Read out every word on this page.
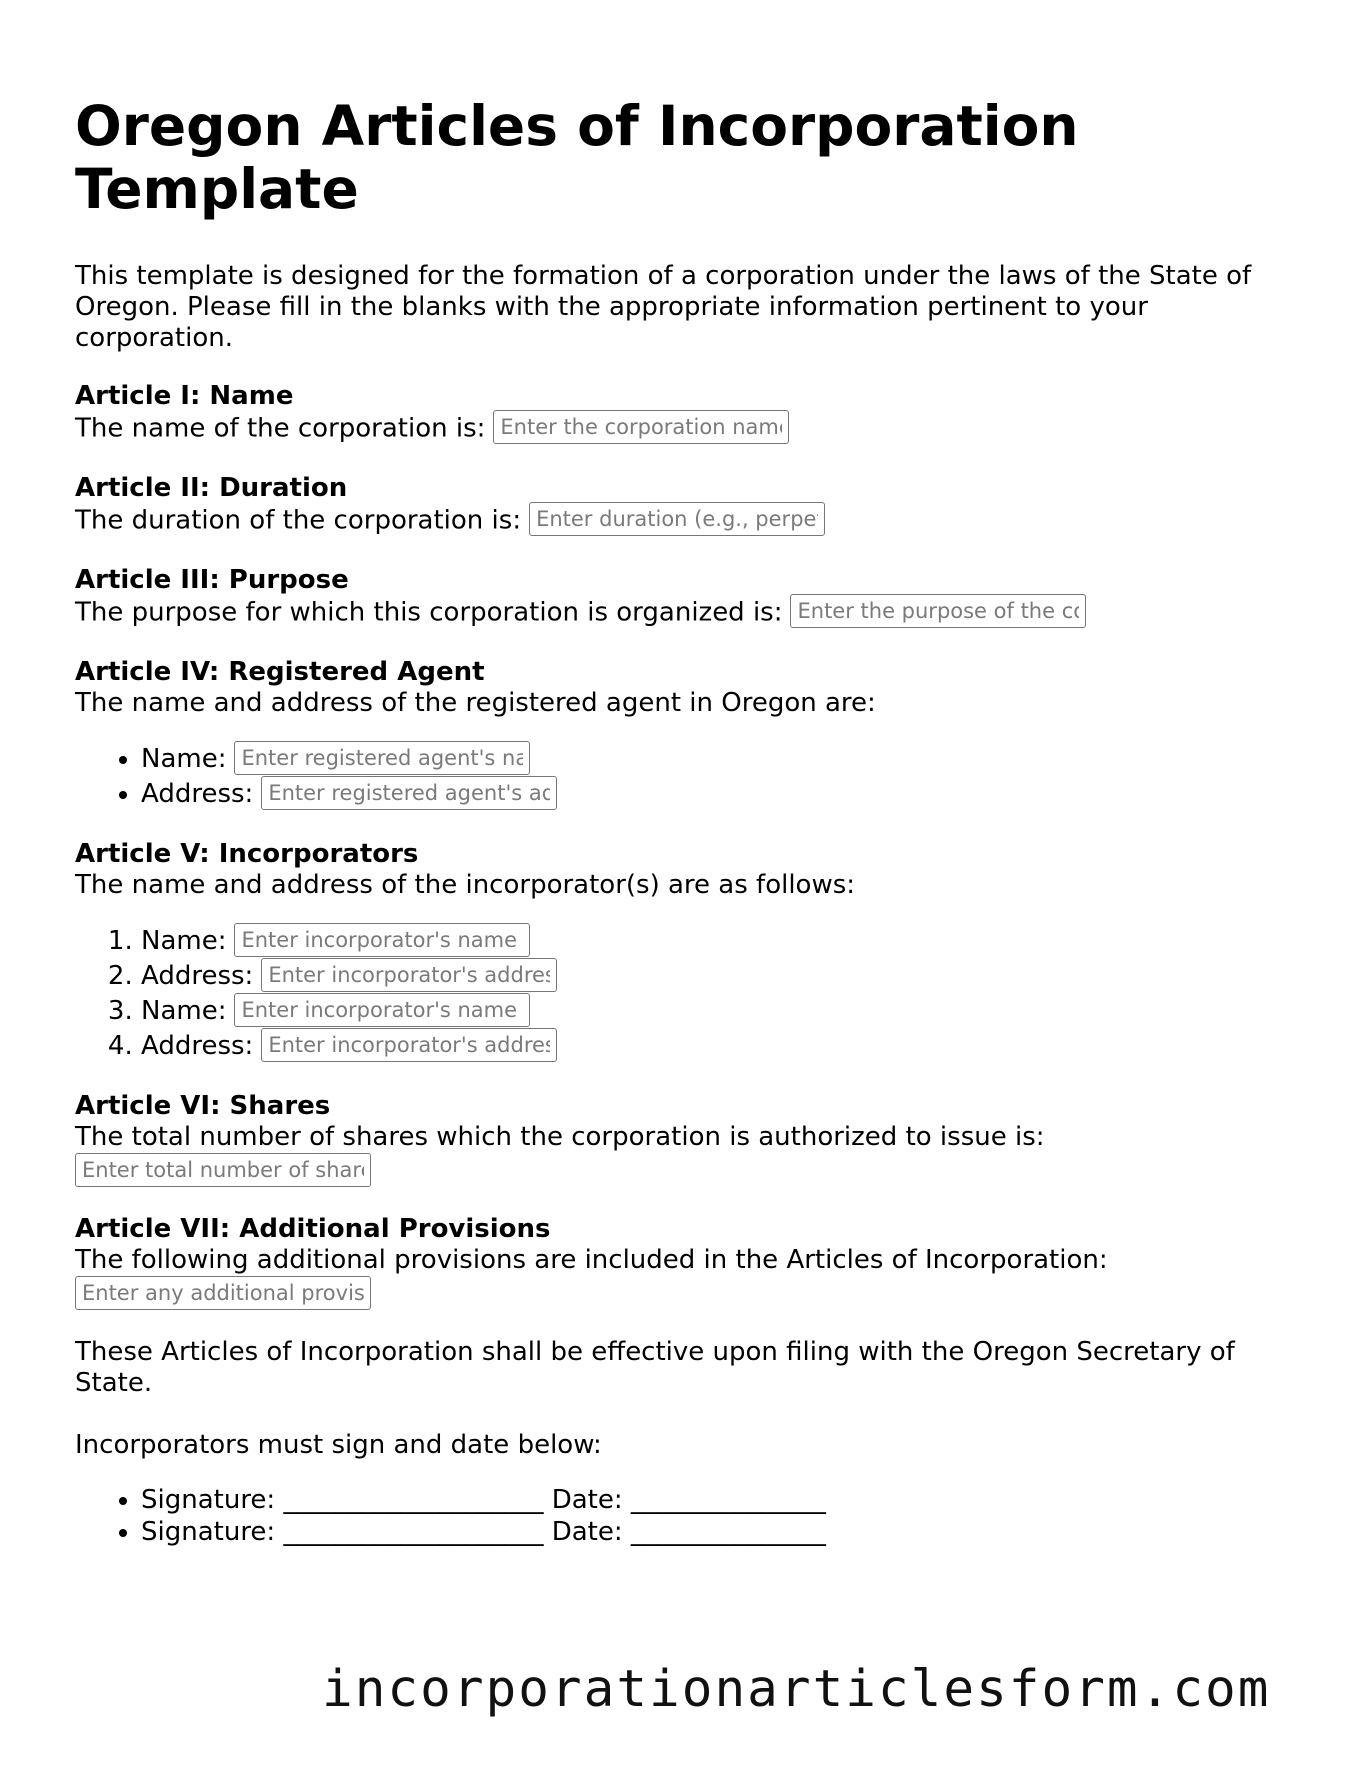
Oregon Articles of Incorporation Template

This template is designed for the formation of a corporation under the laws of the State of Oregon. Please fill in the blanks with the appropriate information pertinent to your corporation.

Article I: Name

The name of the corporation is:Enter the corporation name

Article II: Duration

The duration of the corporation is:Enter duration (e.g., perpetual)

Article III: Purpose

The purpose for which this corporation is organized is:Enter the purpose of the corporation

Article IV: Registered Agent

The name and address of the registered agent in Oregon are:

• Name:Enter registered agent's name
• Address:Enter registered agent's address
Article V: Incorporators

The name and address of the incorporator(s) are as follows:

1. Name:Enter incorporator's name
2. Address:Enter incorporator's address
3. Name:Enter incorporator's name
4. Address:Enter incorporator's address
Article VI: Shares

The total number of shares which the corporation is authorized to issue is:

Enter total number of shares
Article VII: Additional Provisions

The following additional provisions are included in the Articles of Incorporation:

Enter any additional provisions

These Articles of Incorporation shall be effective upon filing with the Oregon Secretary of State.

Incorporators must sign and date below:

• Signature: ____________________ Date: _______________
• Signature: ____________________ Date: _______________
incorporationarticlesform.com
